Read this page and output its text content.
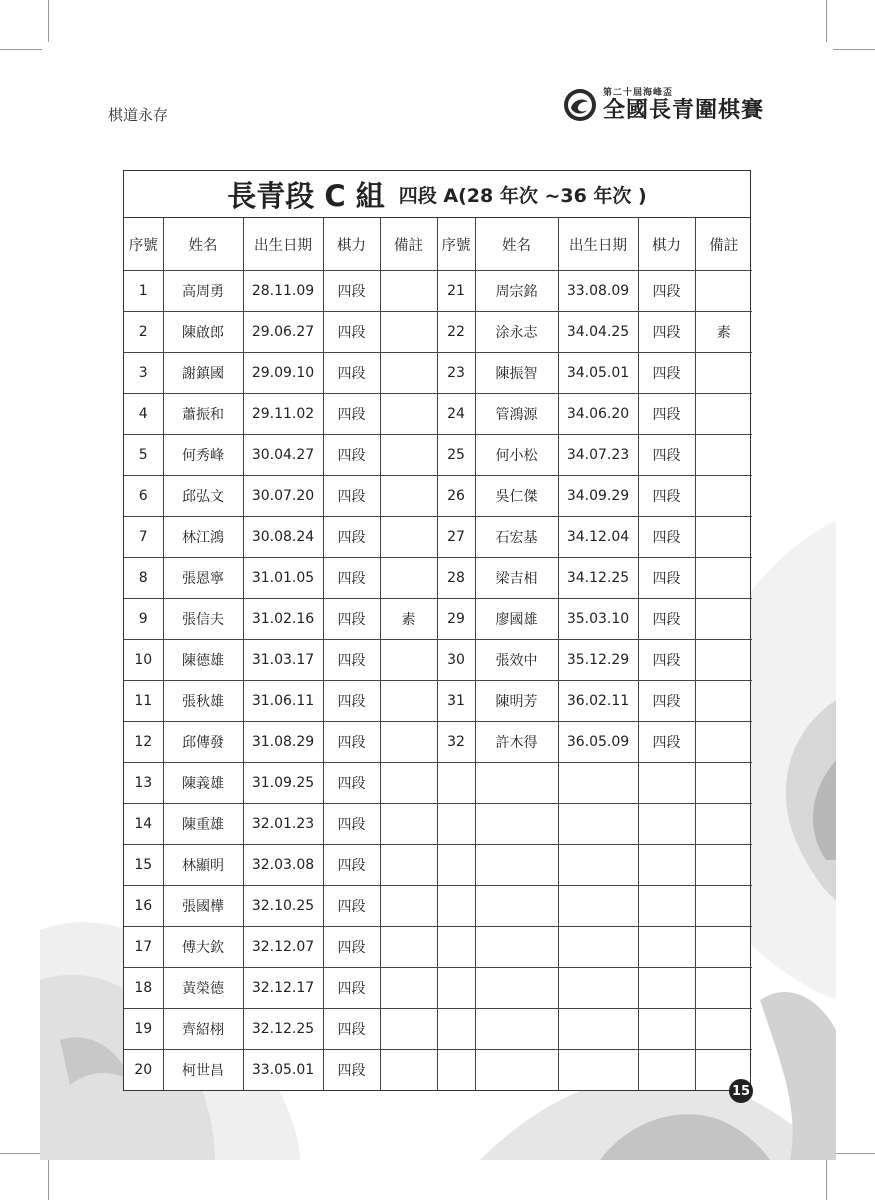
棋道永存
第二十屆海峰盃
全國長青圍棋賽
長青段 C 組 四段 A(28 年次 ~36 年次 )
序號	姓名	出生日期	棋力	備註	序號	姓名	出生日期	棋力	備註
1	高周勇	28.11.09	四段		21	周宗銘	33.08.09	四段	
2	陳啟郎	29.06.27	四段		22	涂永志	34.04.25	四段	素
3	謝鎮國	29.09.10	四段		23	陳振智	34.05.01	四段	
4	蕭振和	29.11.02	四段		24	管鴻源	34.06.20	四段	
5	何秀峰	30.04.27	四段		25	何小松	34.07.23	四段	
6	邱弘文	30.07.20	四段		26	吳仁傑	34.09.29	四段	
7	林江鴻	30.08.24	四段		27	石宏基	34.12.04	四段	
8	張恩寧	31.01.05	四段		28	梁吉相	34.12.25	四段	
9	張信夫	31.02.16	四段	素	29	廖國雄	35.03.10	四段	
10	陳德雄	31.03.17	四段		30	張效中	35.12.29	四段	
11	張秋雄	31.06.11	四段		31	陳明芳	36.02.11	四段	
12	邱傳發	31.08.29	四段		32	許木得	36.05.09	四段	
13	陳義雄	31.09.25	四段						
14	陳重雄	32.01.23	四段						
15	林顯明	32.03.08	四段						
16	張國樺	32.10.25	四段						
17	傅大欽	32.12.07	四段						
18	黃榮德	32.12.17	四段						
19	齊紹栩	32.12.25	四段						
20	柯世昌	33.05.01	四段						
15
